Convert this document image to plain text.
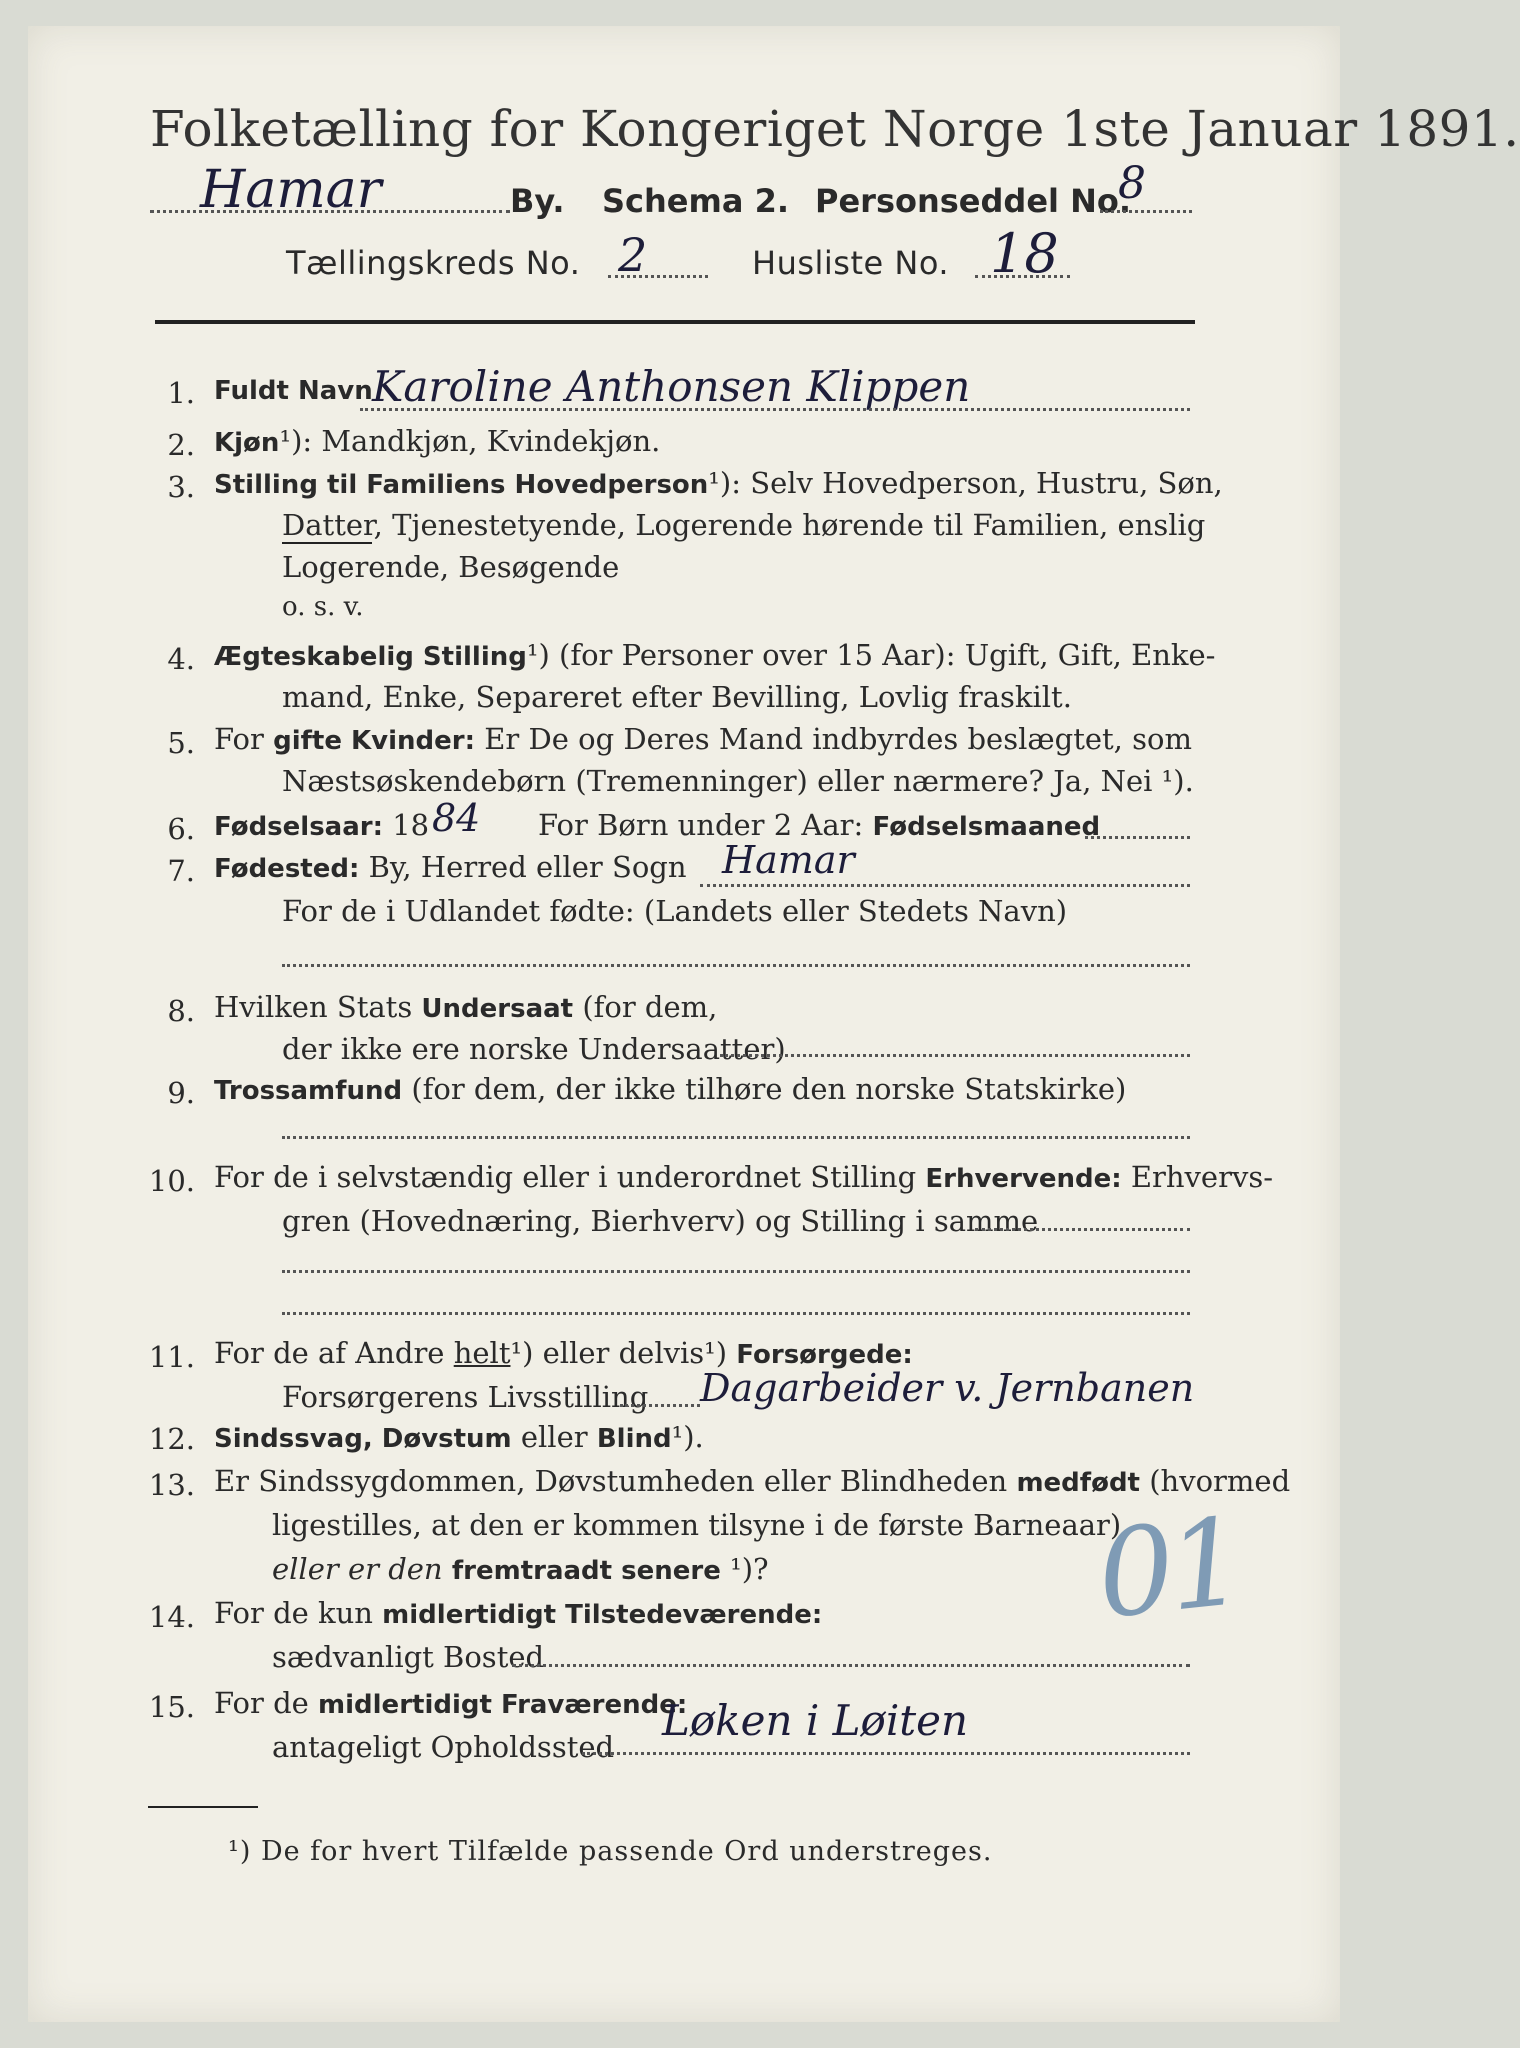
Folketælling for Kongeriget Norge 1ste Januar 1891.
Hamar	By. Schema 2. Personseddel No.
8
Tællingskreds No. 2	Husliste No. 18
1. Fuldt Navn Karoline Anthonsen Klippen
2. Kjøn¹): Mandkjøn, Kvindekjøn.
3. Stilling til Familiens Hovedperson¹): Selv Hovedperson, Hustru, Søn,
Datter, Tjenestetyende, Logerende hørende til Familien, enslig
Logerende, Besøgende
o. s. v.
4. Ægteskabelig Stilling¹) (for Personer over 15 Aar): Ugift, Gift, Enke-
mand, Enke, Separeret efter Bevilling, Lovlig fraskilt.
5. For gifte Kvinder: Er De og Deres Mand indbyrdes beslægtet, som
Næstsøskendebørn (Tremenninger) eller nærmere? Ja, Nei ¹).
6. Fødselsaar: 18 84 For Børn under 2 Aar: Fødselsmaaned
7. Fødested: By, Herred eller Sogn Hamar
For de i Udlandet fødte: (Landets eller Stedets Navn)
8. Hvilken Stats Undersaat (for dem,
der ikke ere norske Undersaatter)
9. Trossamfund (for dem, der ikke tilhøre den norske Statskirke)
10. For de i selvstændig eller i underordnet Stilling Erhvervende: Erhvervs-
gren (Hovednæring, Bierhverv) og Stilling i samme
11. For de af Andre helt¹) eller delvis¹) Forsørgede:
Forsørgerens Livsstilling Dagarbeider v. Jernbanen
12. Sindssvag, Døvstum eller Blind¹).
13. Er Sindssygdommen, Døvstumheden eller Blindheden medfødt (hvormed
ligestilles, at den er kommen tilsyne i de første Barneaar),
eller er den fremtraadt senere ¹)?
14. For de kun midlertidigt Tilstedeværende:
sædvanligt Bosted
15. For de midlertidigt Fraværende:
antageligt Opholdssted
Løken i Løiten
01
¹) De for hvert Tilfælde passende Ord understreges.
